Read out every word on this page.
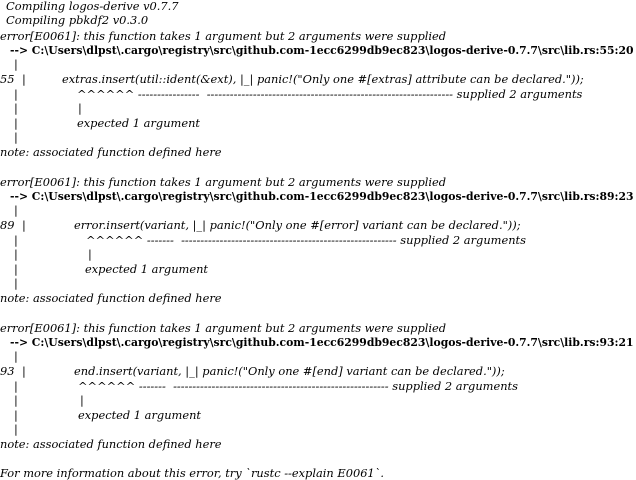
Compiling logos-derive v0.7.7
Compiling pbkdf2 v0.3.0
error[E0061]: this function takes 1 argument but 2 arguments were supplied
--> C:\Users\dlpst\.cargo\registry\src\github.com-1ecc6299db9ec823\logos-derive-0.7.7\src\lib.rs:55:20
|
55 |	extras.insert(util::ident(&ext), |_| panic!("Only one #[extras] attribute can be declared."));
|	^^^^^^ ----------------  ---------------------------------------------------------------- supplied 2 arguments
|	|
|	expected 1 argument
|
note: associated function defined here
error[E0061]: this function takes 1 argument but 2 arguments were supplied
--> C:\Users\dlpst\.cargo\registry\src\github.com-1ecc6299db9ec823\logos-derive-0.7.7\src\lib.rs:89:23
|
89 |	error.insert(variant, |_| panic!("Only one #[error] variant can be declared."));
|	^^^^^^ -------  -------------------------------------------------------- supplied 2 arguments
|	|
|	expected 1 argument
|
note: associated function defined here
error[E0061]: this function takes 1 argument but 2 arguments were supplied
--> C:\Users\dlpst\.cargo\registry\src\github.com-1ecc6299db9ec823\logos-derive-0.7.7\src\lib.rs:93:21
|
93 |	end.insert(variant, |_| panic!("Only one #[end] variant can be declared."));
|	^^^^^^ -------  -------------------------------------------------------- supplied 2 arguments
|	|
|	expected 1 argument
|
note: associated function defined here
For more information about this error, try `rustc --explain E0061`.
